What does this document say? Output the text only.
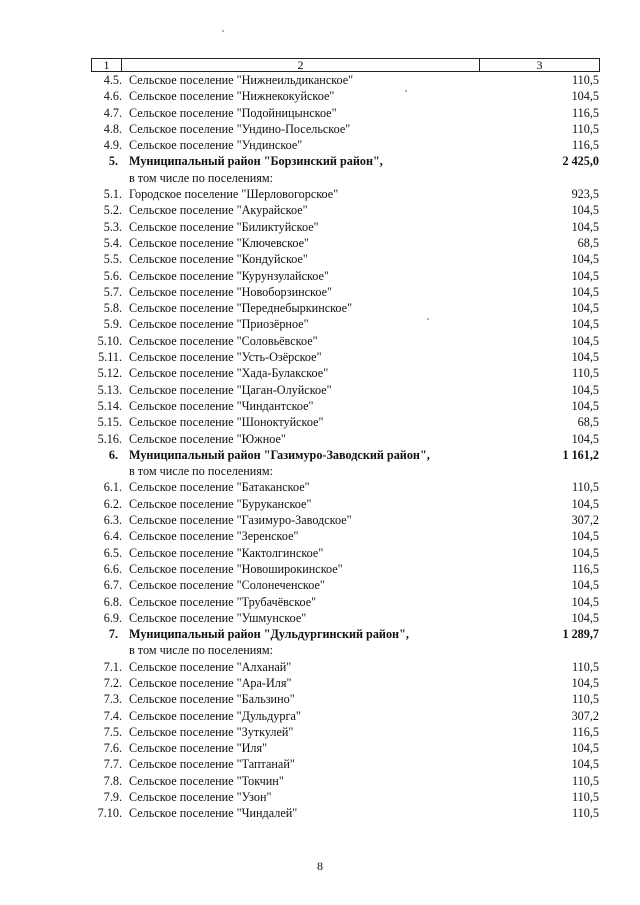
1	2	3
4.5. Сельское поселение "Нижнеильдиканское"	110,5
4.6. Сельское поселение "Нижнекокуйское"	104,5
4.7. Сельское поселение "Подойницынское"	116,5
4.8. Сельское поселение "Ундино-Посельское"	110,5
4.9. Сельское поселение "Ундинское"	116,5
5. Муниципальный район "Борзинский район",	2 425,0
в том числе по поселениям:
5.1. Городское поселение "Шерловогорское"	923,5
5.2. Сельское поселение "Акурайское"	104,5
5.3. Сельское поселение "Биликтуйское"	104,5
5.4. Сельское поселение "Ключевское"	68,5
5.5. Сельское поселение "Кондуйское"	104,5
5.6. Сельское поселение "Курунзулайское"	104,5
5.7. Сельское поселение "Новоборзинское"	104,5
5.8. Сельское поселение "Переднебыркинское"	104,5
5.9. Сельское поселение "Приозёрное"	104,5
5.10. Сельское поселение "Соловьёвское"	104,5
5.11. Сельское поселение "Усть-Озёрское"	104,5
5.12. Сельское поселение "Хада-Булакское"	110,5
5.13. Сельское поселение "Цаган-Олуйское"	104,5
5.14. Сельское поселение "Чиндантское"	104,5
5.15. Сельское поселение "Шоноктуйское"	68,5
5.16. Сельское поселение "Южное"	104,5
6. Муниципальный район "Газимуро-Заводский район",	1 161,2
в том числе по поселениям:
6.1. Сельское поселение "Батаканское"	110,5
6.2. Сельское поселение "Буруканское"	104,5
6.3. Сельское поселение "Газимуро-Заводское"	307,2
6.4. Сельское поселение "Зеренское"	104,5
6.5. Сельское поселение "Кактолгинское"	104,5
6.6. Сельское поселение "Новоширокинское"	116,5
6.7. Сельское поселение "Солонеченское"	104,5
6.8. Сельское поселение "Трубачёвское"	104,5
6.9. Сельское поселение "Ушмунское"	104,5
7. Муниципальный район "Дульдургинский район",	1 289,7
в том числе по поселениям:
7.1. Сельское поселение "Алханай"	110,5
7.2. Сельское поселение "Ара-Иля"	104,5
7.3. Сельское поселение "Бальзино"	110,5
7.4. Сельское поселение "Дульдурга"	307,2
7.5. Сельское поселение "Зуткулей"	116,5
7.6. Сельское поселение "Иля"	104,5
7.7. Сельское поселение "Таптанай"	104,5
7.8. Сельское поселение "Токчин"	110,5
7.9. Сельское поселение "Узон"	110,5
7.10. Сельское поселение "Чиндалей"	110,5
8
